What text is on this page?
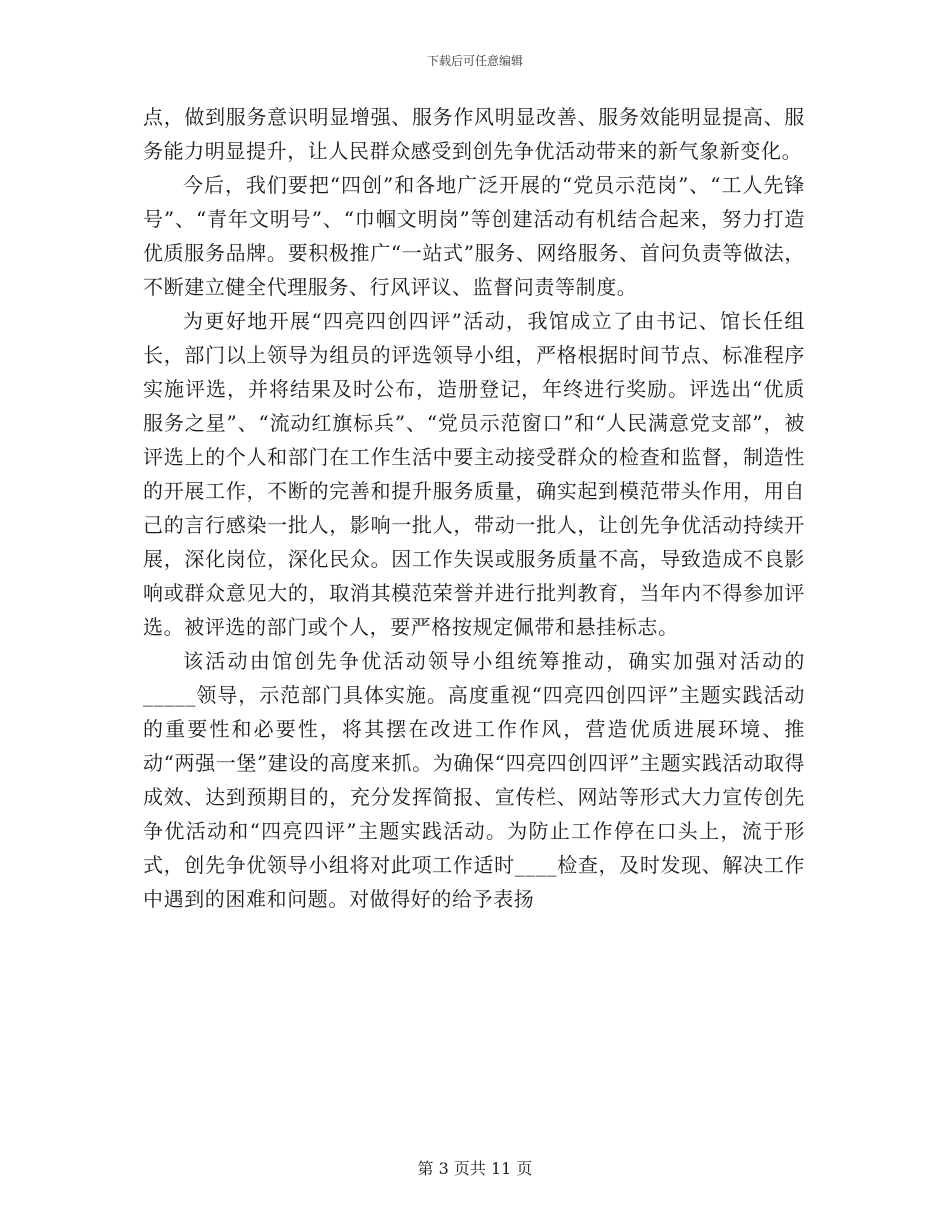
下载后可任意编辑

点，做到服务意识明显增强、服务作风明显改善、服务效能明显提高、服务能力明显提升，让人民群众感受到创先争优活动带来的新气象新变化。

今后，我们要把“四创”和各地广泛开展的“党员示范岗”、“工人先锋号”、“青年文明号”、“巾帼文明岗”等创建活动有机结合起来，努力打造优质服务品牌。要积极推广“一站式”服务、网络服务、首问负责等做法，不断建立健全代理服务、行风评议、监督问责等制度。

为更好地开展“四亮四创四评”活动，我馆成立了由书记、馆长任组长，部门以上领导为组员的评选领导小组，严格根据时间节点、标准程序实施评选，并将结果及时公布，造册登记，年终进行奖励。评选出“优质服务之星”、“流动红旗标兵”、“党员示范窗口”和“人民满意党支部”，被评选上的个人和部门在工作生活中要主动接受群众的检查和监督，制造性的开展工作，不断的完善和提升服务质量，确实起到模范带头作用，用自己的言行感染一批人，影响一批人，带动一批人，让创先争优活动持续开展，深化岗位，深化民众。因工作失误或服务质量不高，导致造成不良影响或群众意见大的，取消其模范荣誉并进行批判教育，当年内不得参加评选。被评选的部门或个人，要严格按规定佩带和悬挂标志。

该活动由馆创先争优活动领导小组统筹推动，确实加强对活动的_____领导，示范部门具体实施。高度重视“四亮四创四评”主题实践活动的重要性和必要性，将其摆在改进工作作风，营造优质进展环境、推动“两强一堡”建设的高度来抓。为确保“四亮四创四评”主题实践活动取得成效、达到预期目的，充分发挥简报、宣传栏、网站等形式大力宣传创先争优活动和“四亮四评”主题实践活动。为防止工作停在口头上，流于形式，创先争优领导小组将对此项工作适时____检查，及时发现、解决工作中遇到的困难和问题。对做得好的给予表扬

第 3 页共 11 页
